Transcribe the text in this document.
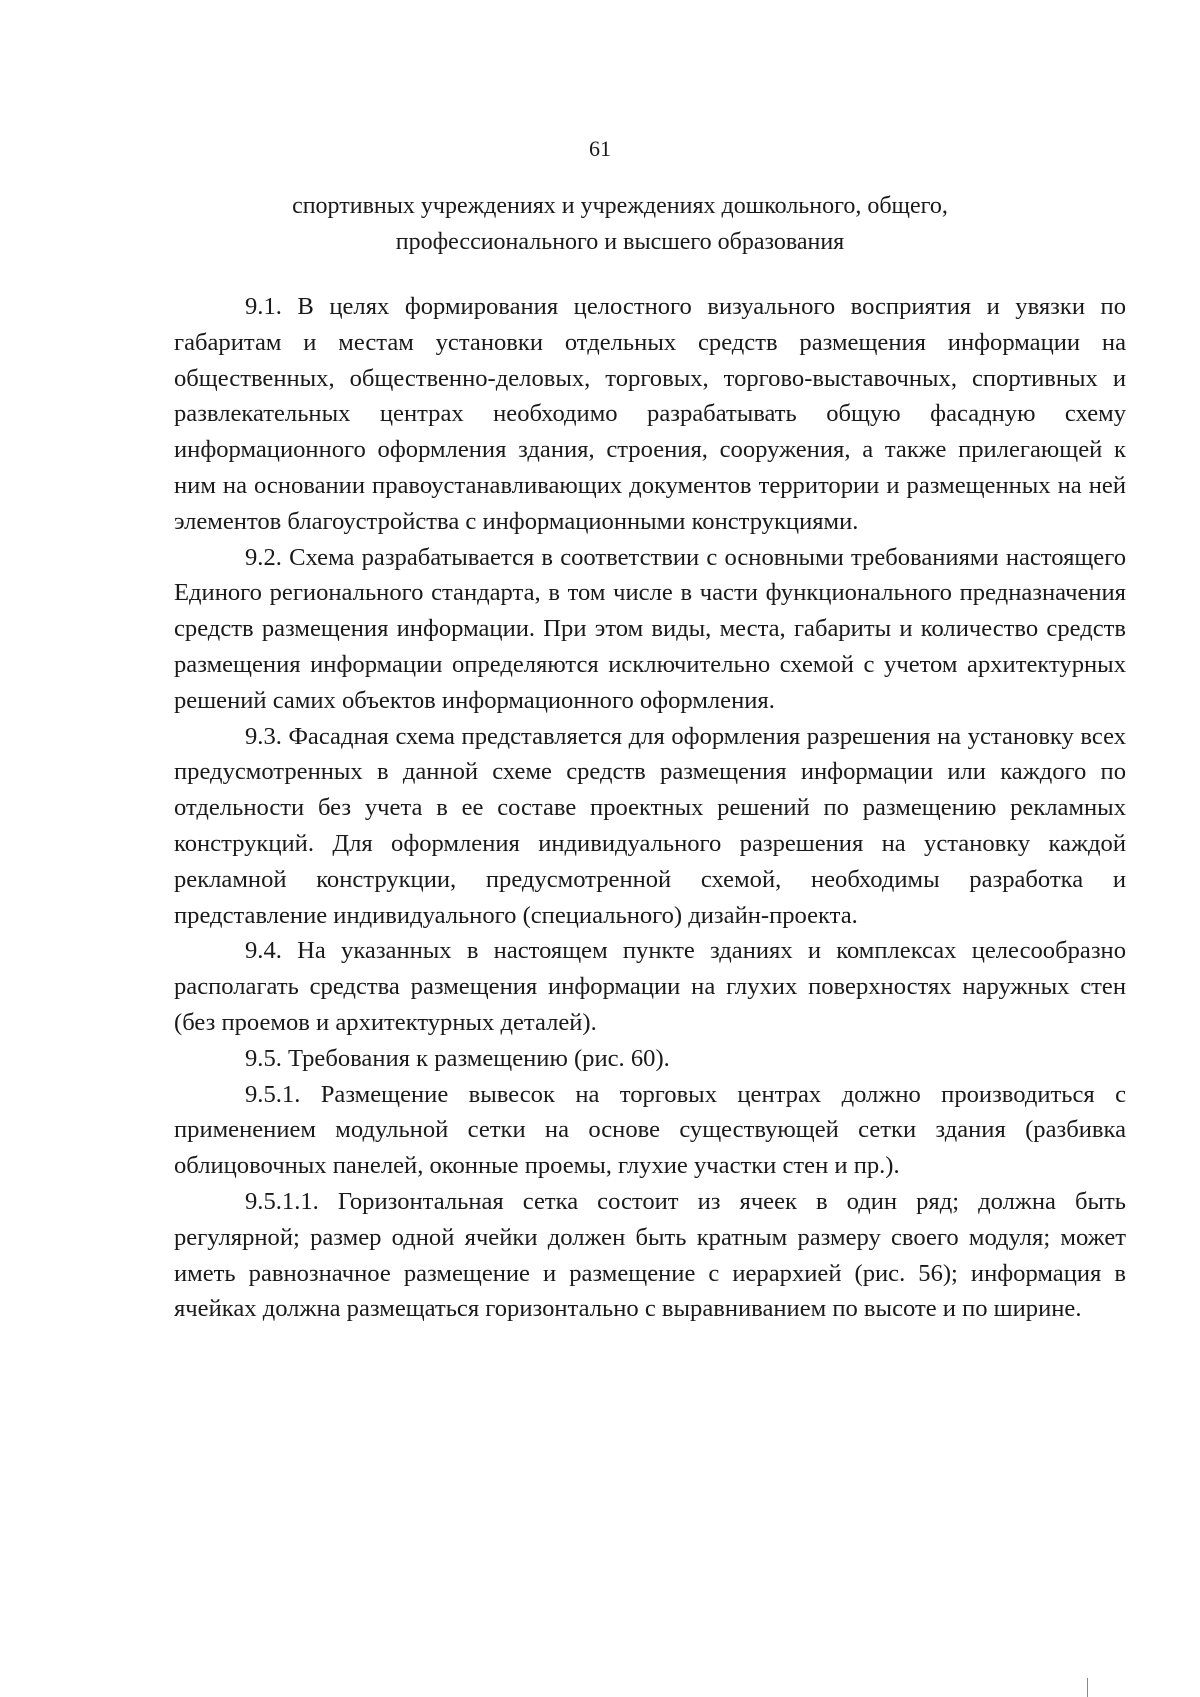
61
спортивных учреждениях и учреждениях дошкольного, общего,
профессионального и высшего образования

9.1. В целях формирования целостного визуального восприятия и увязки по габаритам и местам установки отдельных средств размещения информации на общественных, общественно-деловых, торговых, торгово-выставочных, спортивных и развлекательных центрах необходимо разрабатывать общую фасадную схему информационного оформления здания, строения, сооружения, а также прилегающей к ним на основании правоустанавливающих документов территории и размещенных на ней элементов благоустройства с информационными конструкциями.

9.2. Схема разрабатывается в соответствии с основными требованиями настоящего Единого регионального стандарта, в том числе в части функционального предназначения средств размещения информации. При этом виды, места, габариты и количество средств размещения информации определяются исключительно схемой с учетом архитектурных решений самих объектов информационного оформления.

9.3. Фасадная схема представляется для оформления разрешения на установку всех предусмотренных в данной схеме средств размещения информации или каждого по отдельности без учета в ее составе проектных решений по размещению рекламных конструкций. Для оформления индивидуального разрешения на установку каждой рекламной конструкции, предусмотренной схемой, необходимы разработка и представление индивидуального (специального) дизайн-проекта.

9.4. На указанных в настоящем пункте зданиях и комплексах целесообразно располагать средства размещения информации на глухих поверхностях наружных стен (без проемов и архитектурных деталей).

9.5. Требования к размещению (рис. 60).

9.5.1. Размещение вывесок на торговых центрах должно производиться с применением модульной сетки на основе существующей сетки здания (разбивка облицовочных панелей, оконные проемы, глухие участки стен и пр.).

9.5.1.1. Горизонтальная сетка состоит из ячеек в один ряд; должна быть регулярной; размер одной ячейки должен быть кратным размеру своего модуля; может иметь равнозначное размещение и размещение с иерархией (рис. 56); информация в ячейках должна размещаться горизонтально с выравниванием по высоте и по ширине.
